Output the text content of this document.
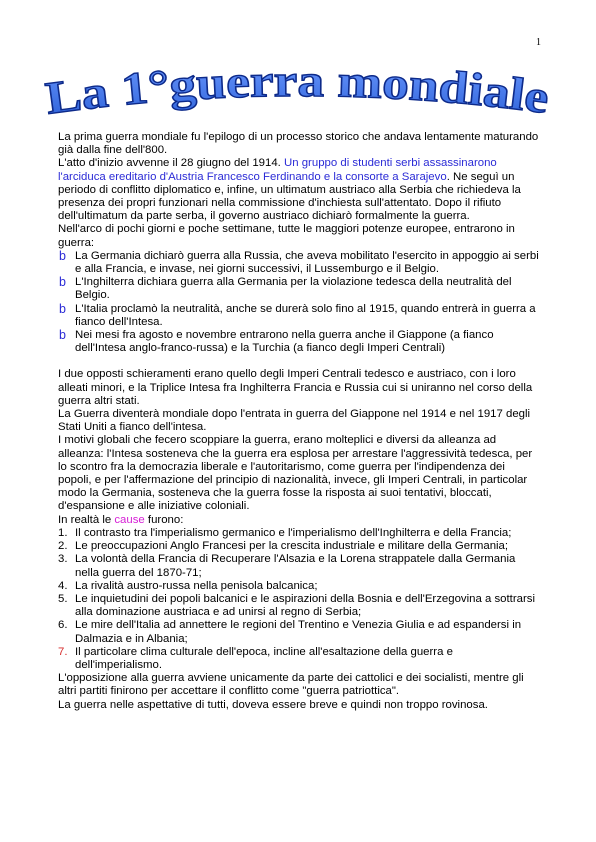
1
La 1°guerra mondiale

La prima guerra mondiale fu l'epilogo di un processo storico che andava lentamente maturando già dalla fine dell'800.

L'atto d'inizio avvenne il 28 giugno del 1914. Un gruppo di studenti serbi assassinarono l'arciduca ereditario d'Austria Francesco Ferdinando e la consorte a Sarajevo. Ne seguì un periodo di conflitto diplomatico e, infine, un ultimatum austriaco alla Serbia che richiedeva la presenza dei propri funzionari nella commissione d'inchiesta sull'attentato. Dopo il rifiuto dell'ultimatum da parte serba, il governo austriaco dichiarò formalmente la guerra.

Nell'arco di pochi giorni e poche settimane, tutte le maggiori potenze europee, entrarono in guerra:

b La Germania dichiarò guerra alla Russia, che aveva mobilitato l'esercito in appoggio ai serbi e alla Francia, e invase, nei giorni successivi, il Lussemburgo e il Belgio.
b L'Inghilterra dichiara guerra alla Germania per la violazione tedesca della neutralità del Belgio.
b L'Italia proclamò la neutralità, anche se durerà solo fino al 1915, quando entrerà in guerra a fianco dell'Intesa.
b Nei mesi fra agosto e novembre entrarono nella guerra anche il Giappone (a fianco dell'Intesa anglo-franco-russa) e la Turchia (a fianco degli Imperi Centrali)

I due opposti schieramenti erano quello degli Imperi Centrali tedesco e austriaco, con i loro alleati minori, e la Triplice Intesa fra Inghilterra Francia e Russia cui si uniranno nel corso della guerra altri stati.

La Guerra diventerà mondiale dopo l'entrata in guerra del Giappone nel 1914 e nel 1917 degli Stati Uniti a fianco dell'intesa.

I motivi globali che fecero scoppiare la guerra, erano molteplici e diversi da alleanza ad alleanza: l'Intesa sosteneva che la guerra era esplosa per arrestare l'aggressività tedesca, per lo scontro fra la democrazia liberale e l'autoritarismo, come guerra per l'indipendenza dei popoli, e per l'affermazione del principio di nazionalità, invece, gli Imperi Centrali, in particolar modo la Germania, sosteneva che la guerra fosse la risposta ai suoi tentativi, bloccati, d'espansione e alle iniziative coloniali.

In realtà le cause furono:

1. Il contrasto tra l'imperialismo germanico e l'imperialismo dell'Inghilterra e della Francia;
2. Le preoccupazioni Anglo Francesi per la crescita industriale e militare della Germania;
3. La volontà della Francia di Recuperare l'Alsazia e la Lorena strappatele dalla Germania nella guerra del 1870-71;
4. La rivalità austro-russa nella penisola balcanica;
5. Le inquietudini dei popoli balcanici e le aspirazioni della Bosnia e dell'Erzegovina a sottrarsi alla dominazione austriaca e ad unirsi al regno di Serbia;
6. Le mire dell'Italia ad annettere le regioni del Trentino e Venezia Giulia e ad espandersi in Dalmazia e in Albania;
7. Il particolare clima culturale dell'epoca, incline all'esaltazione della guerra e dell'imperialismo.

L'opposizione alla guerra avviene unicamente da parte dei cattolici e dei socialisti, mentre gli altri partiti finirono per accettare il conflitto come "guerra patriottica".

La guerra nelle aspettative di tutti, doveva essere breve e quindi non troppo rovinosa.
